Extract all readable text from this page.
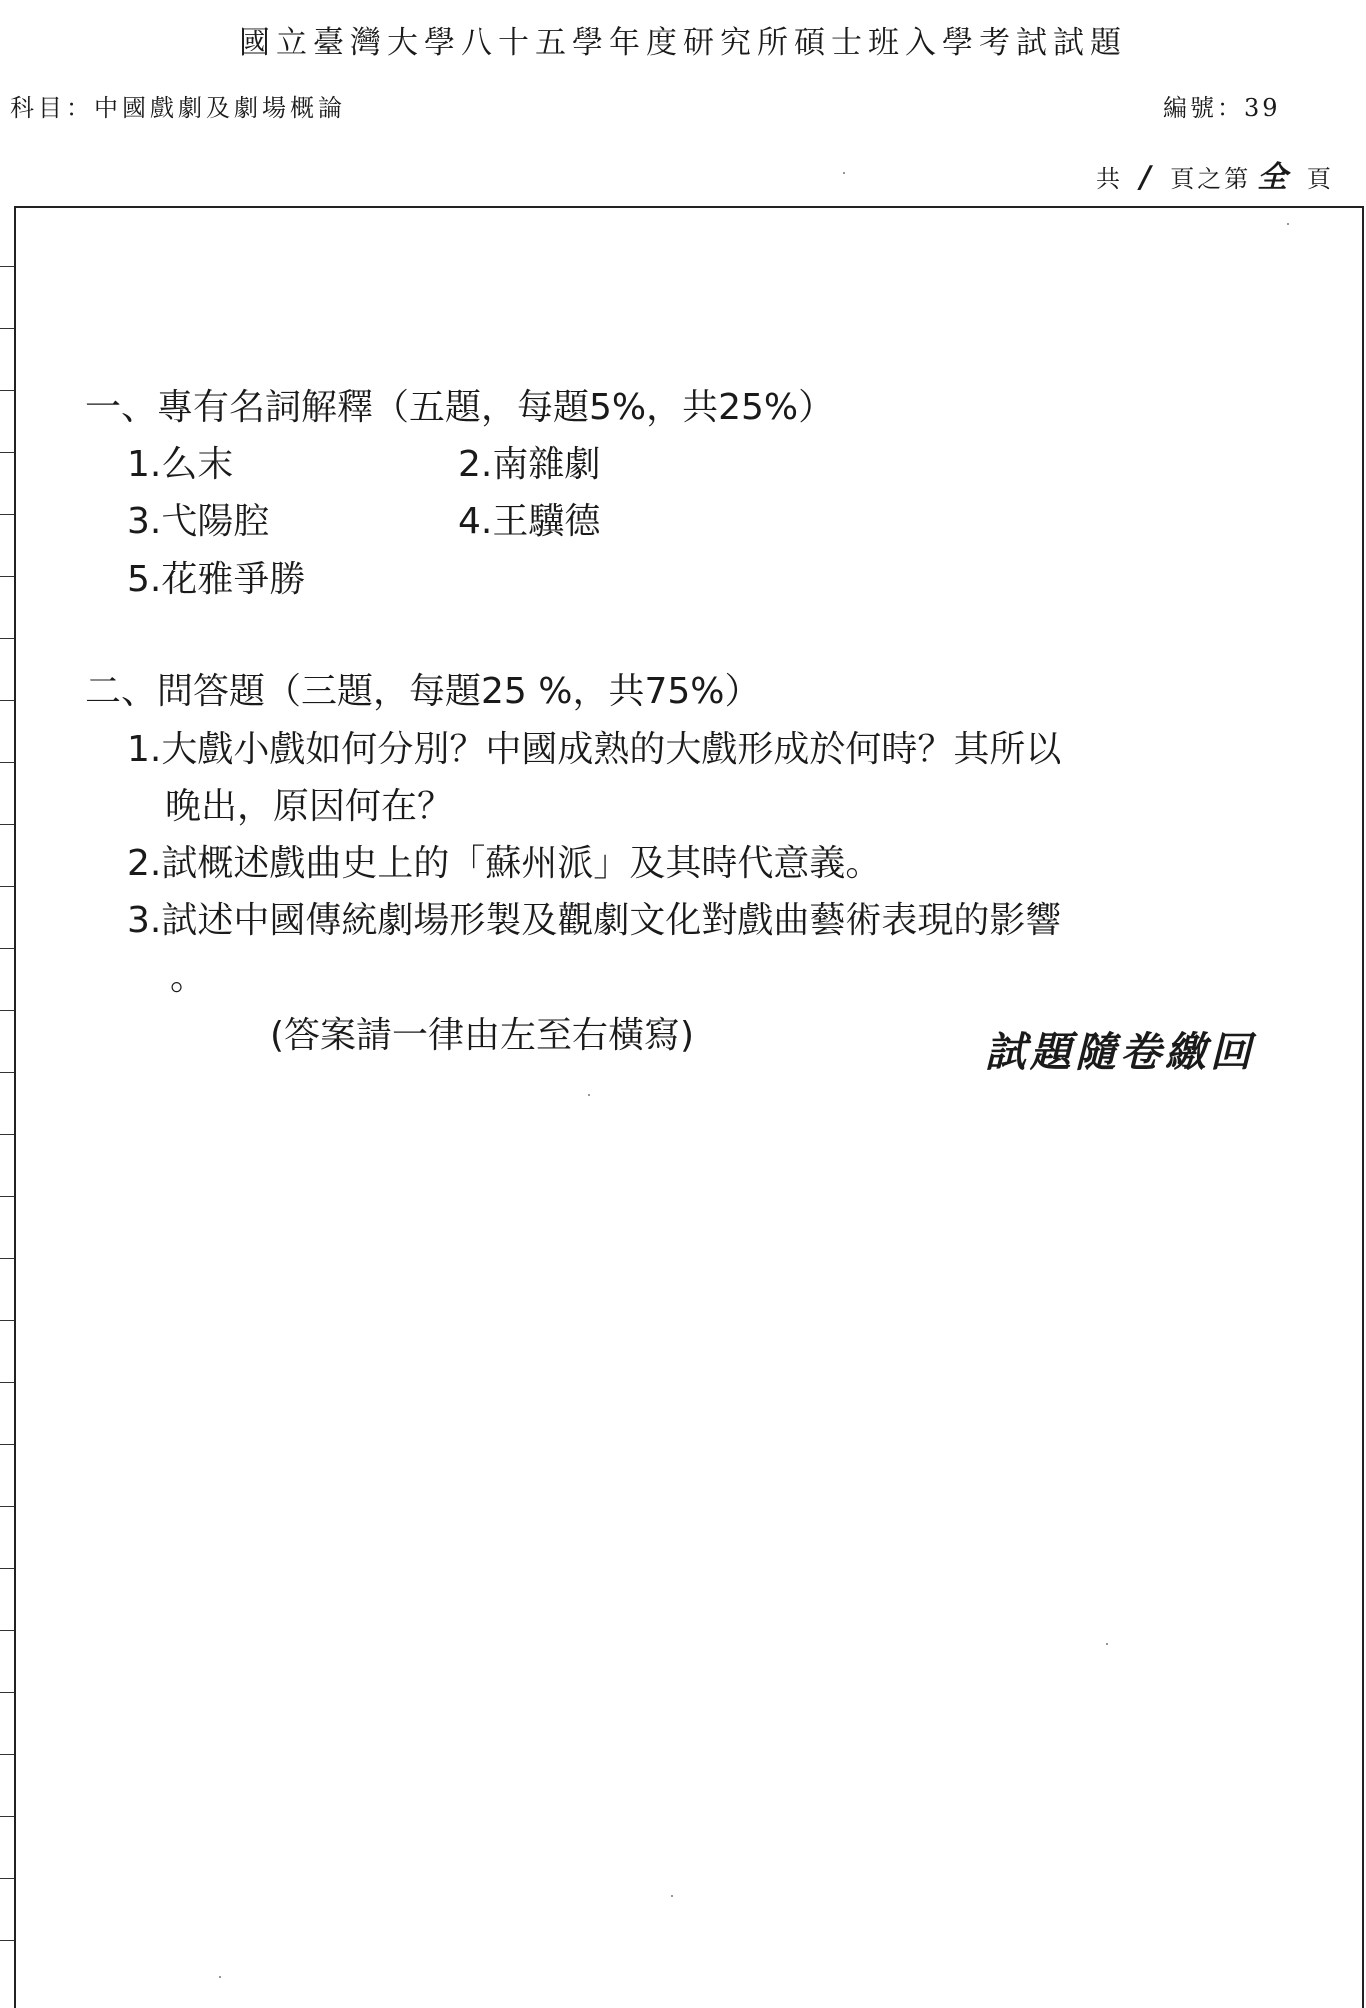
國立臺灣大學八十五學年度研究所碩士班入學考試試題
科目：中國戲劇及劇場概論	編號：39
共 / 頁之第 全 頁
一、專有名詞解釋（五題，每題5%，共25%）
1.么末	2.南雜劇
3.弋陽腔	4.王驥德
5.花雅爭勝
二、問答題（三題，每題25 %，共75%）
1.大戲小戲如何分別？中國成熟的大戲形成於何時？其所以
晚出，原因何在？
2.試概述戲曲史上的「蘇州派」及其時代意義。
3.試述中國傳統劇場形製及觀劇文化對戲曲藝術表現的影響
。
(答案請一律由左至右橫寫)	試題隨卷繳回
